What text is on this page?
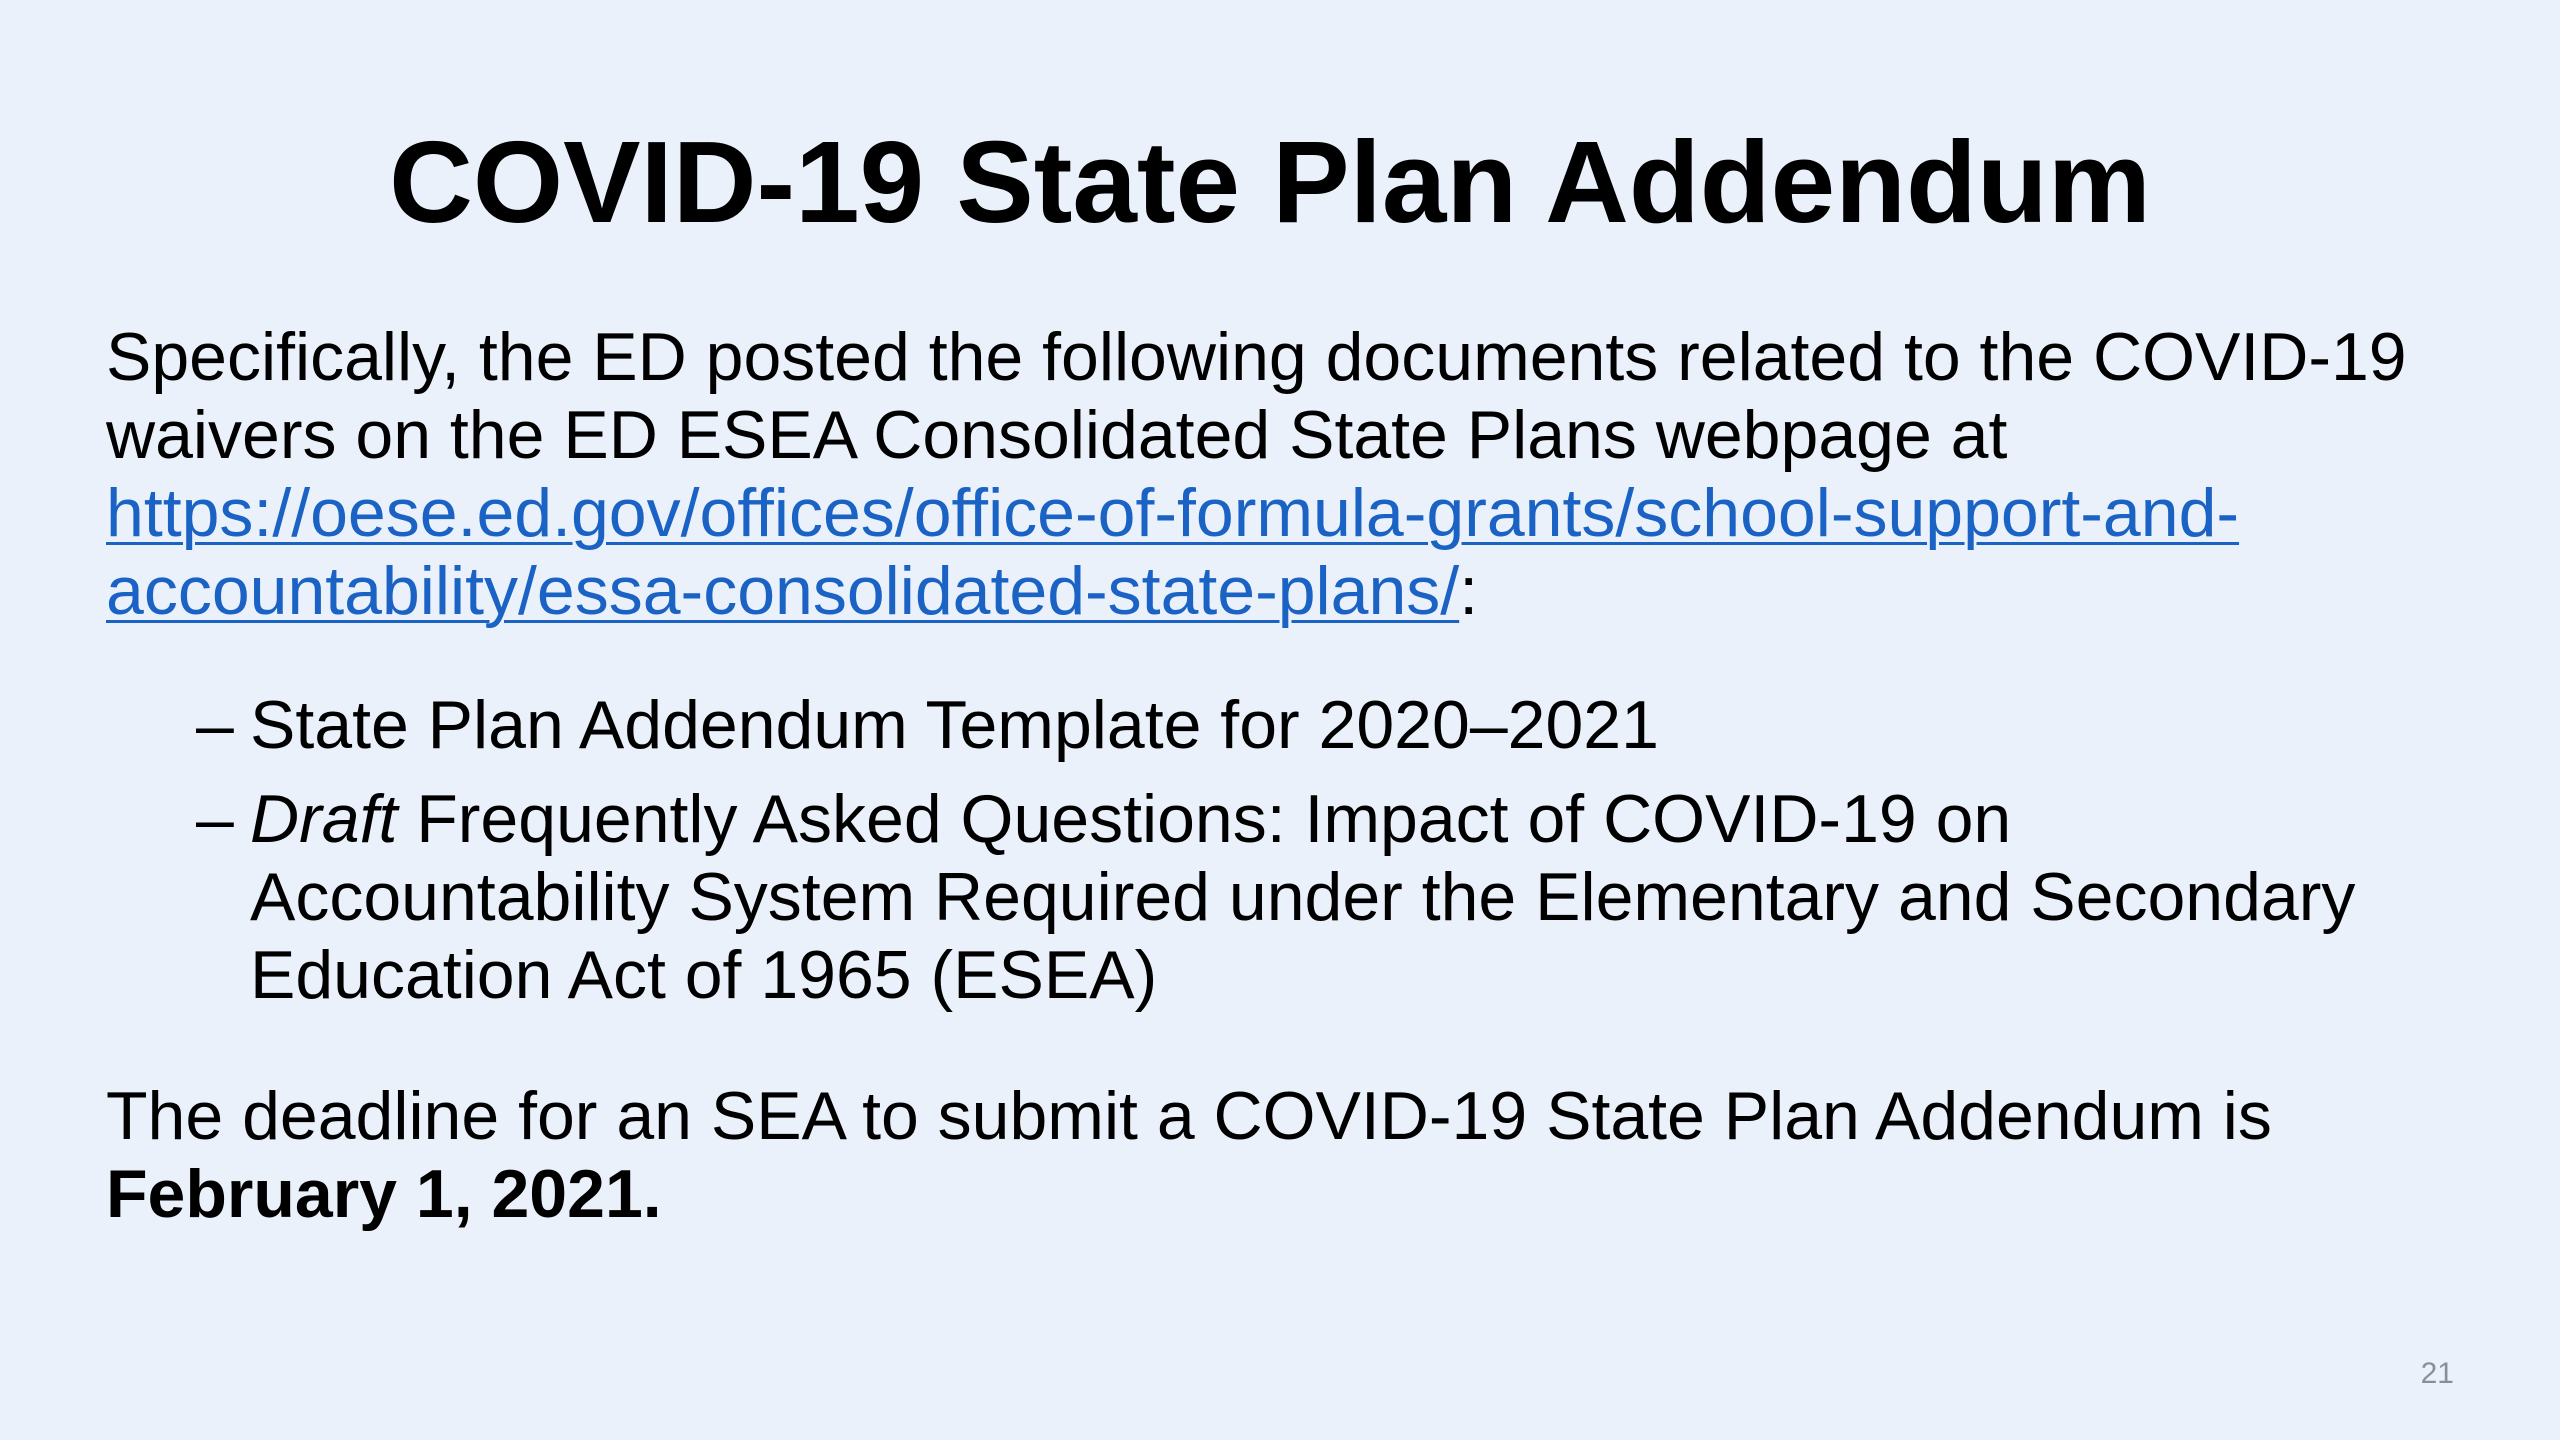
COVID-19 State Plan Addendum

Specifically, the ED posted the following documents related to the COVID-19 waivers on the ED ESEA Consolidated State Plans webpage at https://oese.ed.gov/offices/office-of-formula-grants/school-support-and-accountability/essa-consolidated-state-plans/:

– State Plan Addendum Template for 2020–2021
– Draft Frequently Asked Questions: Impact of COVID-19 on Accountability System Required under the Elementary and Secondary Education Act of 1965 (ESEA)

The deadline for an SEA to submit a COVID-19 State Plan Addendum is February 1, 2021.

21
